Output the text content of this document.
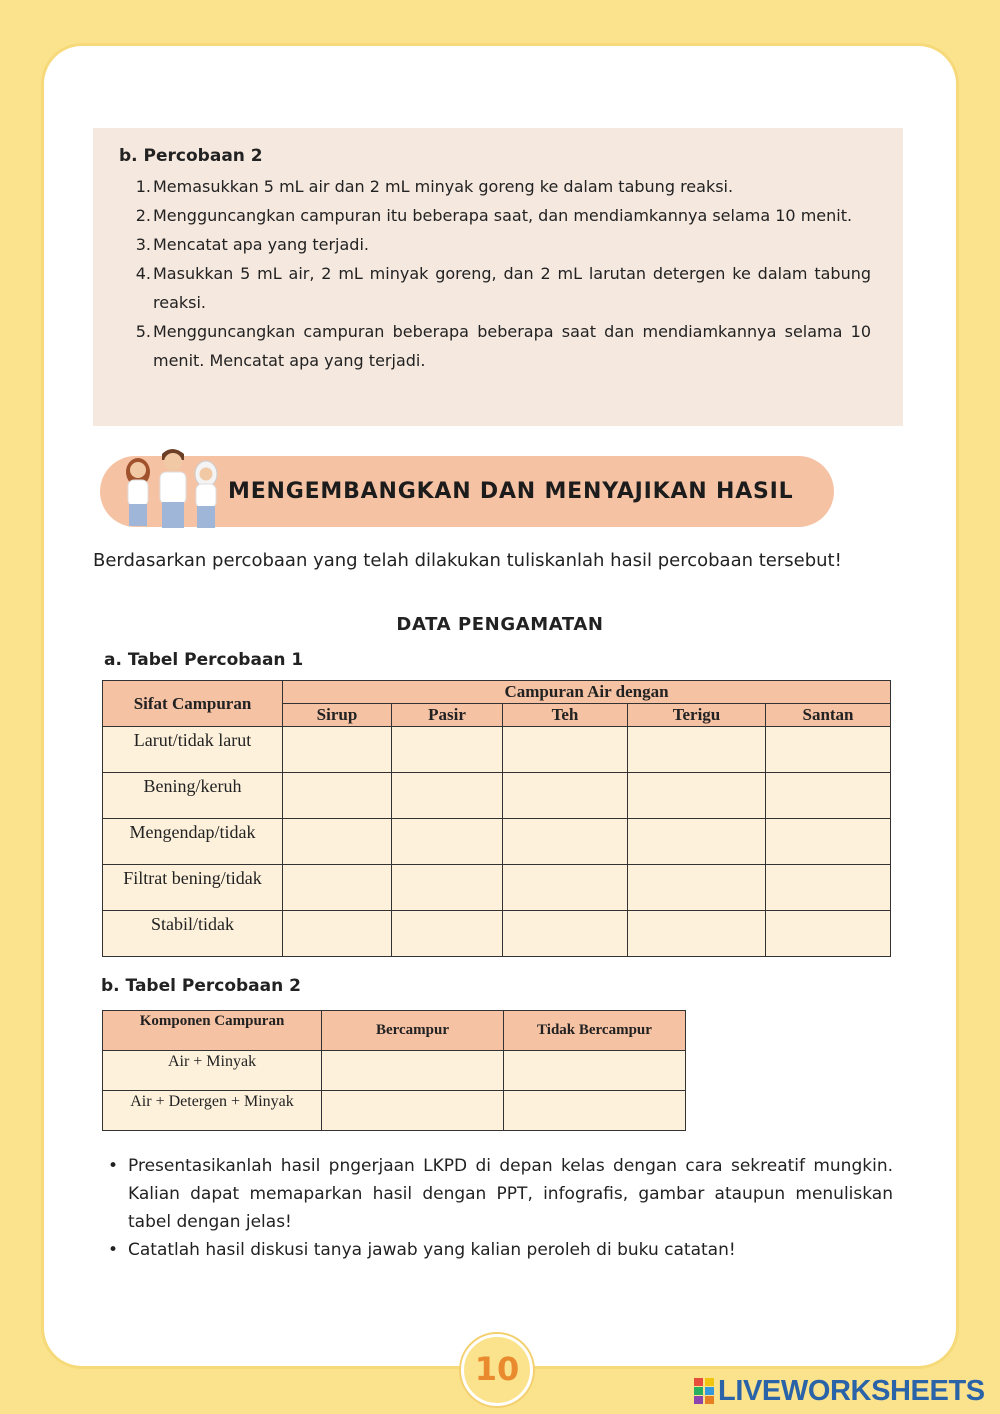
b. Percobaan 2
1. Memasukkan 5 mL air dan 2 mL minyak goreng ke dalam tabung reaksi.
2. Mengguncangkan campuran itu beberapa saat, dan mendiamkannya selama 10 menit.
3. Mencatat apa yang terjadi.
4. Masukkan 5 mL air, 2 mL minyak goreng, dan 2 mL larutan detergen ke dalam tabung reaksi.
5. Mengguncangkan campuran beberapa beberapa saat dan mendiamkannya selama 10 menit. Mencatat apa yang terjadi.
MENGEMBANGKAN DAN MENYAJIKAN HASIL

Berdasarkan percobaan yang telah dilakukan tuliskanlah hasil percobaan tersebut!

DATA PENGAMATAN
a. Tabel Percobaan 1
Sifat Campuran	Campuran Air dengan				
	Sirup	Pasir	Teh	Terigu	Santan
Larut/tidak larut					
Bening/keruh					
Mengendap/tidak					
Filtrat bening/tidak					
Stabil/tidak					
b. Tabel Percobaan 2
Komponen Campuran	Bercampur	Tidak Bercampur
Air + Minyak		
Air + Detergen + Minyak		
• Presentasikanlah hasil pngerjaan LKPD di depan kelas dengan cara sekreatif mungkin. Kalian dapat memaparkan hasil dengan PPT, infografis, gambar ataupun menuliskan tabel dengan jelas!
• Catatlah hasil diskusi tanya jawab yang kalian peroleh di buku catatan!
10
LIVEWORKSHEETS
